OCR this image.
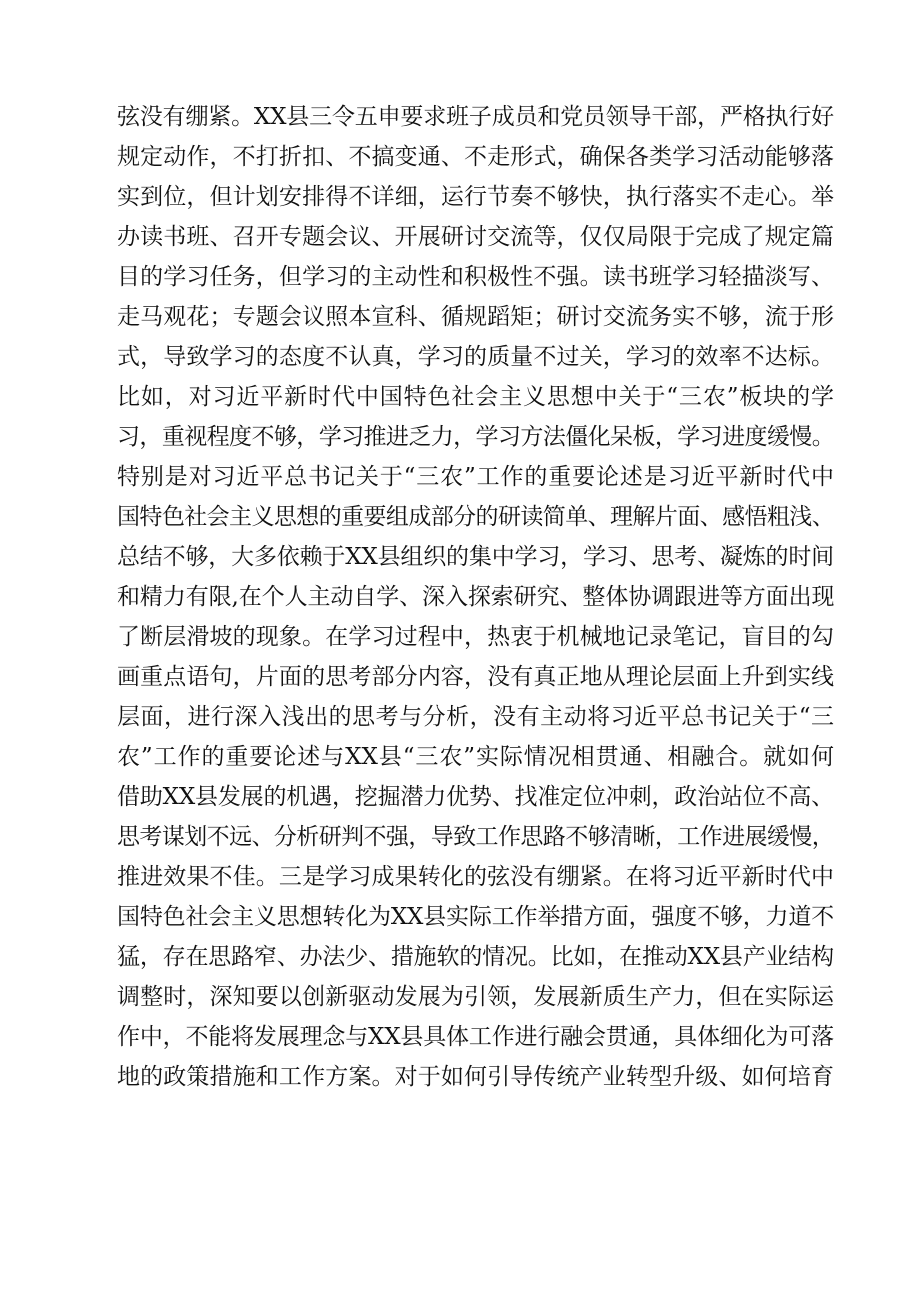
弦没有绷紧。XX县三令五申要求班子成员和党员领导干部，严格执行好
规定动作，不打折扣、不搞变通、不走形式，确保各类学习活动能够落
实到位，但计划安排得不详细，运行节奏不够快，执行落实不走心。举
办读书班、召开专题会议、开展研讨交流等，仅仅局限于完成了规定篇
目的学习任务，但学习的主动性和积极性不强。读书班学习轻描淡写、
走马观花；专题会议照本宣科、循规蹈矩；研讨交流务实不够，流于形
式，导致学习的态度不认真，学习的质量不过关，学习的效率不达标。
比如，对习近平新时代中国特色社会主义思想中关于“三农”板块的学
习，重视程度不够，学习推进乏力，学习方法僵化呆板，学习进度缓慢。
特别是对习近平总书记关于“三农”工作的重要论述是习近平新时代中
国特色社会主义思想的重要组成部分的研读简单、理解片面、感悟粗浅、
总结不够，大多依赖于XX县组织的集中学习，学习、思考、凝炼的时间
和精力有限,在个人主动自学、深入探索研究、整体协调跟进等方面出现
了断层滑坡的现象。在学习过程中，热衷于机械地记录笔记，盲目的勾
画重点语句，片面的思考部分内容，没有真正地从理论层面上升到实线
层面，进行深入浅出的思考与分析，没有主动将习近平总书记关于“三
农”工作的重要论述与XX县“三农”实际情况相贯通、相融合。就如何
借助XX县发展的机遇，挖掘潜力优势、找准定位冲刺，政治站位不高、
思考谋划不远、分析研判不强，导致工作思路不够清晰，工作进展缓慢，
推进效果不佳。三是学习成果转化的弦没有绷紧。在将习近平新时代中
国特色社会主义思想转化为XX县实际工作举措方面，强度不够，力道不
猛，存在思路窄、办法少、措施软的情况。比如，在推动XX县产业结构
调整时，深知要以创新驱动发展为引领，发展新质生产力，但在实际运
作中，不能将发展理念与XX县具体工作进行融会贯通，具体细化为可落
地的政策措施和工作方案。对于如何引导传统产业转型升级、如何培育
